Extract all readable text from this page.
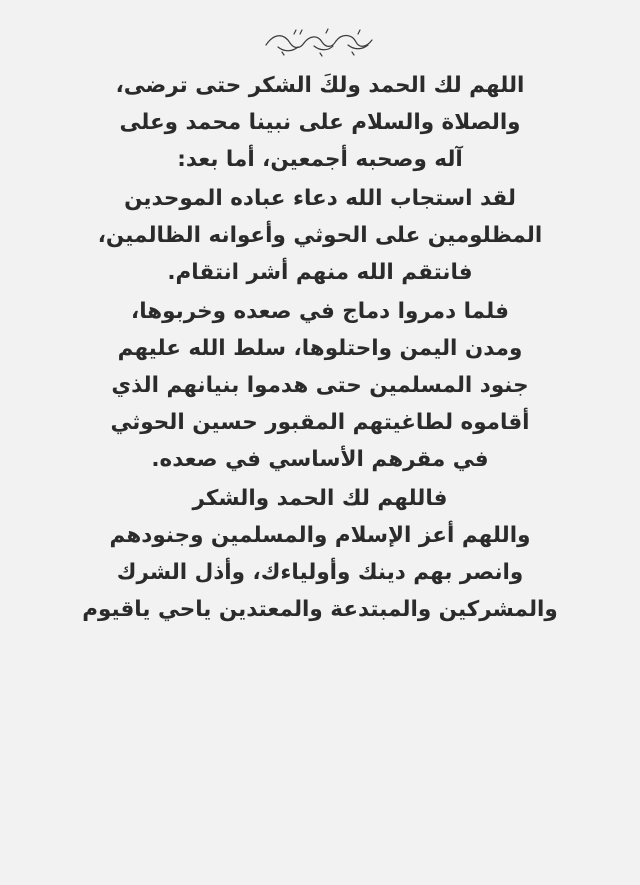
اللهم لك الحمد ولكَ الشكر حتى ترضى،
والصلاة والسلام على نبينا محمد وعلى
آله وصحبه أجمعين، أما بعد:

لقد استجاب الله دعاء عباده الموحدين
المظلومين على الحوثي وأعوانه الظالمين،
فانتقم الله منهم أشر انتقام.

فلما دمروا دماج في صعده وخربوها،
ومدن اليمن واحتلوها، سلط الله عليهم
جنود المسلمين حتى هدموا بنيانهم الذي
أقاموه لطاغيتهم المقبور حسين الحوثي
في مقرهم الأساسي في صعده.

فاللهم لك الحمد والشكر
واللهم أعز الإسلام والمسلمين وجنودهم
وانصر بهم دينك وأولياءك، وأذل الشرك
والمشركين والمبتدعة والمعتدين ياحي ياقيوم
